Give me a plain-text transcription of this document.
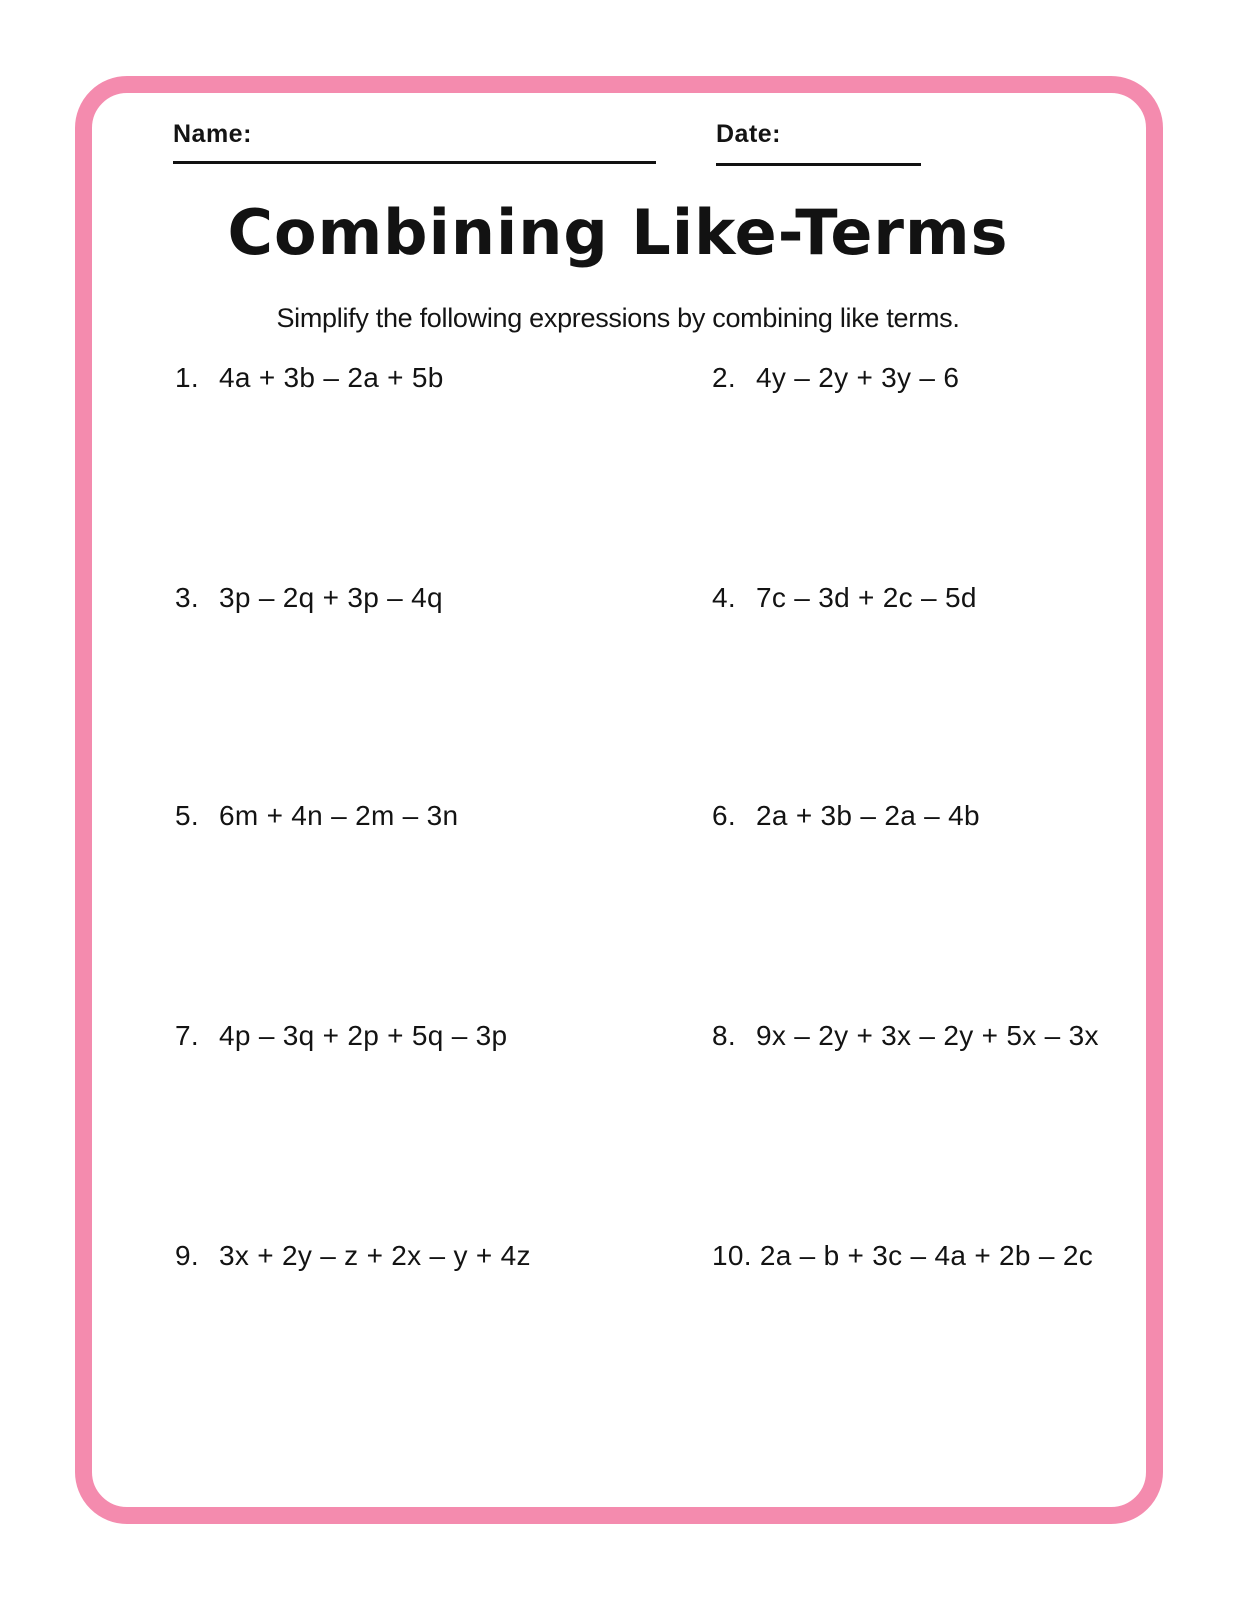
Name:	Date:
Combining Like-Terms

Simplify the following expressions by combining like terms.

1. 4a + 3b – 2a + 5b	2. 4y – 2y + 3y – 6
3. 3p – 2q + 3p – 4q	4. 7c – 3d + 2c – 5d
5. 6m + 4n – 2m – 3n	6. 2a + 3b – 2a – 4b
7. 4p – 3q + 2p + 5q – 3p	8. 9x – 2y + 3x – 2y + 5x – 3x
9. 3x + 2y – z + 2x – y + 4z	10. 2a – b + 3c – 4a + 2b – 2c
